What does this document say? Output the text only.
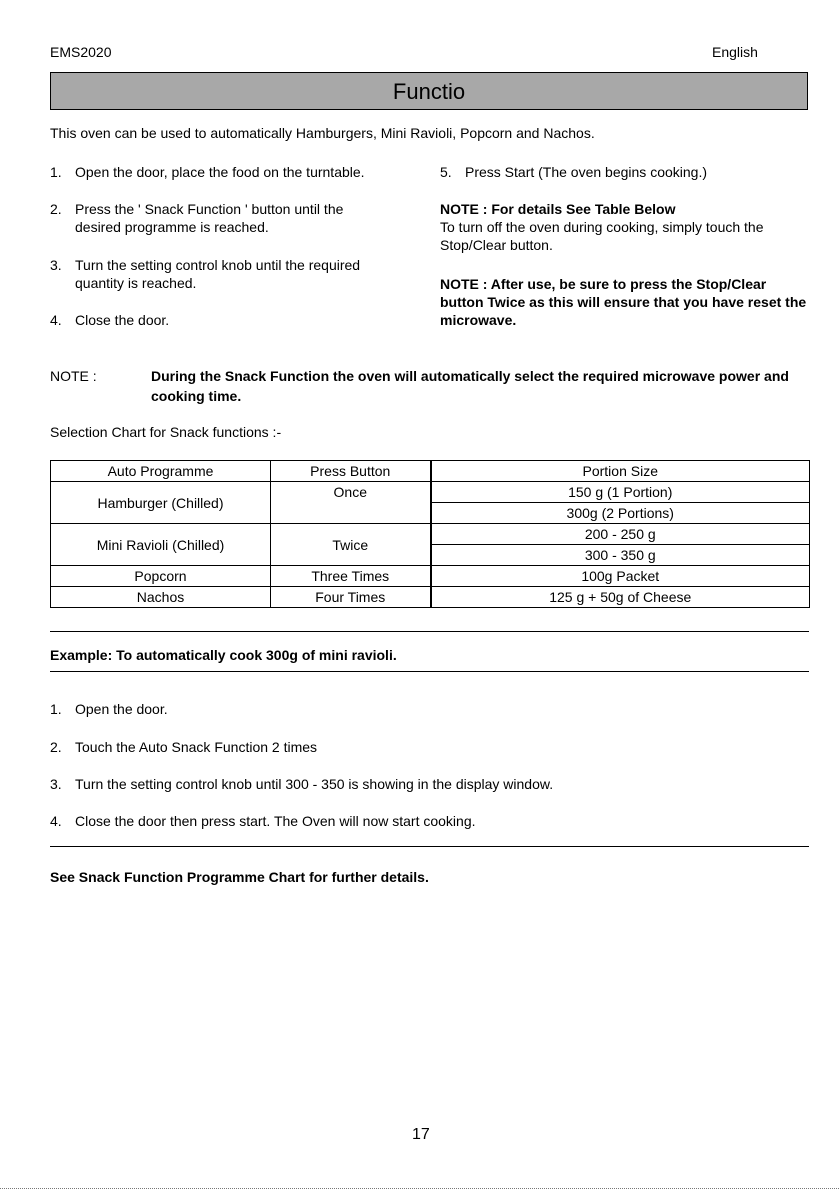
EMS2020	English
Functio
This oven can be used to automatically Hamburgers, Mini Ravioli, Popcorn and Nachos.
1. Open the door, place the food on the turntable.
2. Press the ' Snack Function ' button until the
desired programme is reached.
3. Turn the setting control knob until the required
quantity is reached.
4. Close the door.
5. Press Start (The oven begins cooking.)
NOTE : For details See Table Below
To turn off the oven during cooking, simply touch the
Stop/Clear button.
NOTE : After use, be sure to press the Stop/Clear
button Twice as this will ensure that you have reset the
microwave.
NOTE :	During the Snack Function the oven will automatically select the required microwave power and
cooking time.
Selection Chart for Snack functions :-
Auto Programme	Press Button	Portion Size
Hamburger (Chilled)	Once	150 g (1 Portion)
		300g (2 Portions)
Mini Ravioli (Chilled)	Twice	200 - 250 g
		300 - 350 g
Popcorn	Three Times	100g Packet
Nachos	Four Times	125 g + 50g of Cheese
Example: To automatically cook 300g of mini ravioli.
1. Open the door.
2. Touch the Auto Snack Function 2 times
3. Turn the setting control knob until 300 - 350 is showing in the display window.
4. Close the door then press start. The Oven will now start cooking.
See Snack Function Programme Chart for further details.
17
